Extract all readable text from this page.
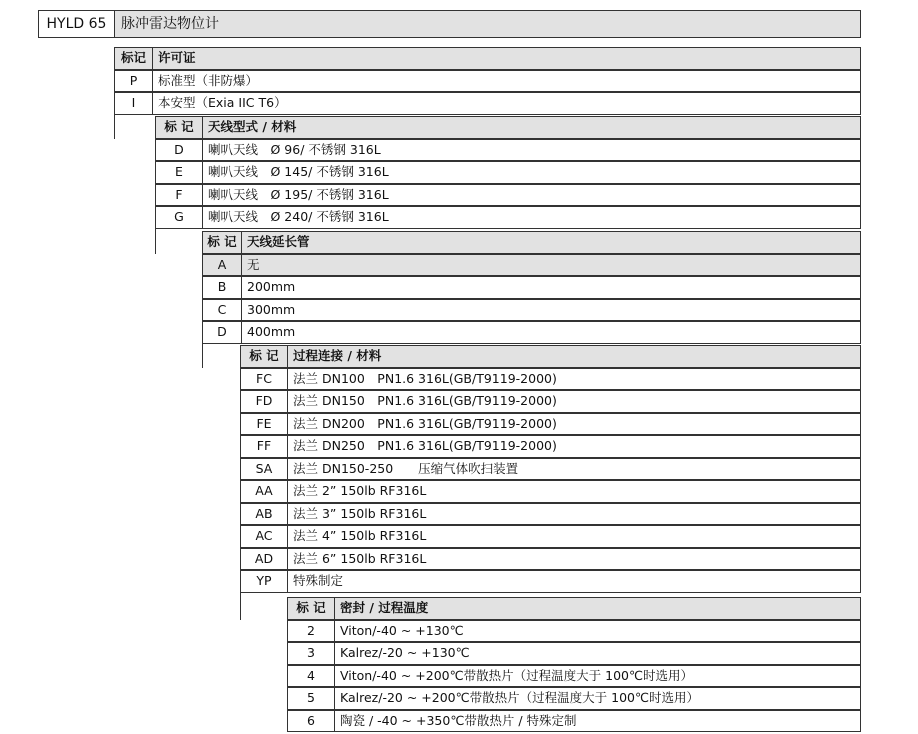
HYLD 65	脉冲雷达物位计
标记 许可证
P	标准型（非防爆）
I	本安型（Exia IIC T6）
标 记	天线型式 / 材料
D	喇叭天线　Ø 96/ 不锈钢 316L
E	喇叭天线　Ø 145/ 不锈钢 316L
F	喇叭天线　Ø 195/ 不锈钢 316L
G	喇叭天线　Ø 240/ 不锈钢 316L
标 记 天线延长管
A	无
B	200mm
C	300mm
D	400mm
标 记	过程连接 / 材料
FC	法兰 DN100　PN1.6 316L(GB/T9119-2000)
FD	法兰 DN150　PN1.6 316L(GB/T9119-2000)
FE	法兰 DN200　PN1.6 316L(GB/T9119-2000)
FF	法兰 DN250　PN1.6 316L(GB/T9119-2000)
SA	法兰 DN150-250　　压缩气体吹扫装置
AA	法兰 2” 150lb RF316L
AB	法兰 3” 150lb RF316L
AC	法兰 4” 150lb RF316L
AD	法兰 6” 150lb RF316L
YP	特殊制定
标 记	密封 / 过程温度
2	Viton/-40 ~ +130℃
3	Kalrez/-20 ~ +130℃
4	Viton/-40 ~ +200℃带散热片（过程温度大于 100℃时选用）
5	Kalrez/-20 ~ +200℃带散热片（过程温度大于 100℃时选用）
6	陶瓷 / -40 ~ +350℃带散热片 / 特殊定制
